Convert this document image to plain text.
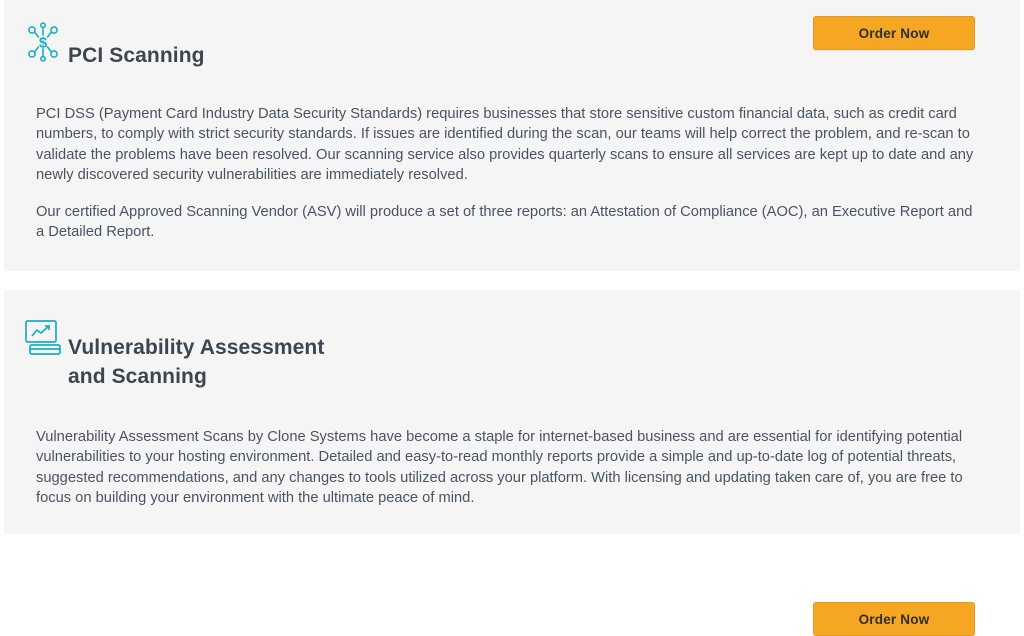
$
PCI Scanning
Order Now

PCI DSS (Payment Card Industry Data Security Standards) requires businesses that store sensitive custom financial data, such as credit card numbers, to comply with strict security standards. If issues are identified during the scan, our teams will help correct the problem, and re-scan to validate the problems have been resolved. Our scanning service also provides quarterly scans to ensure all services are kept up to date and any newly discovered security vulnerabilities are immediately resolved.

Our certified Approved Scanning Vendor (ASV) will produce a set of three reports: an Attestation of Compliance (AOC), an Executive Report and a Detailed Report.

Vulnerability Assessment
and Scanning
Order Now

Vulnerability Assessment Scans by Clone Systems have become a staple for internet-based business and are essential for identifying potential vulnerabilities to your hosting environment. Detailed and easy-to-read monthly reports provide a simple and up-to-date log of potential threats, suggested recommendations, and any changes to tools utilized across your platform. With licensing and updating taken care of, you are free to focus on building your environment with the ultimate peace of mind.
